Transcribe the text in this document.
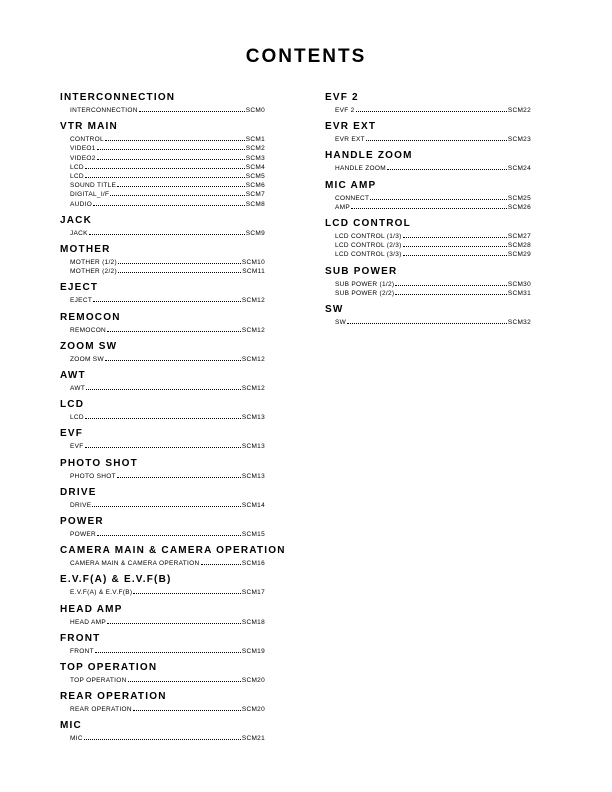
CONTENTS
INTERCONNECTION
INTERCONNECTION	SCM0
VTR MAIN
CONTROL	SCM1
VIDEO1	SCM2
VIDEO2	SCM3
LCD	SCM4
LCD	SCM5
SOUND TITLE	SCM6
DIGITAL_I/F	SCM7
AUDIO	SCM8
JACK
JACK	SCM9
MOTHER
MOTHER (1/2)	SCM10
MOTHER (2/2)	SCM11
EJECT
EJECT	SCM12
REMOCON
REMOCON	SCM12
ZOOM SW
ZOOM SW	SCM12
AWT
AWT	SCM12
LCD
LCD	SCM13
EVF
EVF	SCM13
PHOTO SHOT
PHOTO SHOT	SCM13
DRIVE
DRIVE	SCM14
POWER
POWER	SCM15
CAMERA MAIN & CAMERA OPERATION
CAMERA MAIN & CAMERA OPERATION	SCM16
E.V.F(A) & E.V.F(B)
E.V.F(A) & E.V.F(B)	SCM17
HEAD AMP
HEAD AMP	SCM18
FRONT
FRONT	SCM19
TOP OPERATION
TOP OPERATION	SCM20
REAR OPERATION
REAR OPERATION	SCM20
MIC
MIC	SCM21
EVF 2
EVF 2	SCM22
EVR EXT
EVR EXT	SCM23
HANDLE ZOOM
HANDLE ZOOM	SCM24
MIC AMP
CONNECT	SCM25
AMP	SCM26
LCD CONTROL
LCD CONTROL (1/3)	SCM27
LCD CONTROL (2/3)	SCM28
LCD CONTROL (3/3)	SCM29
SUB POWER
SUB POWER (1/2)	SCM30
SUB POWER (2/2)	SCM31
SW
SW	SCM32
